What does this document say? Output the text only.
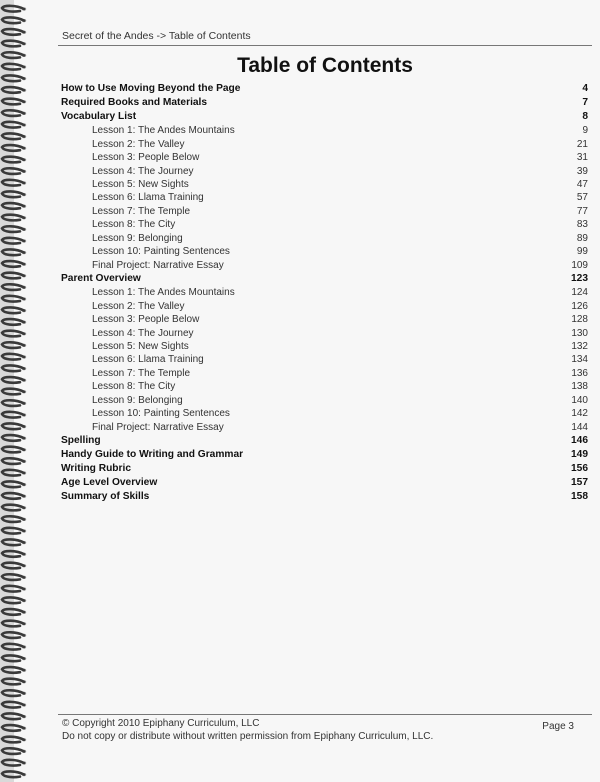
Secret of the Andes -> Table of Contents
Table of Contents
How to Use Moving Beyond the Page	4
Required Books and Materials	7
Vocabulary List	8
Lesson 1: The Andes Mountains	9
Lesson 2: The Valley	21
Lesson 3: People Below	31
Lesson 4: The Journey	39
Lesson 5: New Sights	47
Lesson 6: Llama Training	57
Lesson 7: The Temple	77
Lesson 8: The City	83
Lesson 9: Belonging	89
Lesson 10: Painting Sentences	99
Final Project: Narrative Essay	109
Parent Overview	123
Lesson 1: The Andes Mountains	124
Lesson 2: The Valley	126
Lesson 3: People Below	128
Lesson 4: The Journey	130
Lesson 5: New Sights	132
Lesson 6: Llama Training	134
Lesson 7: The Temple	136
Lesson 8: The City	138
Lesson 9: Belonging	140
Lesson 10: Painting Sentences	142
Final Project: Narrative Essay	144
Spelling	146
Handy Guide to Writing and Grammar	149
Writing Rubric	156
Age Level Overview	157
Summary of Skills	158
© Copyright 2010 Epiphany Curriculum, LLC
Do not copy or distribute without written permission from Epiphany Curriculum, LLC.
Page 3
